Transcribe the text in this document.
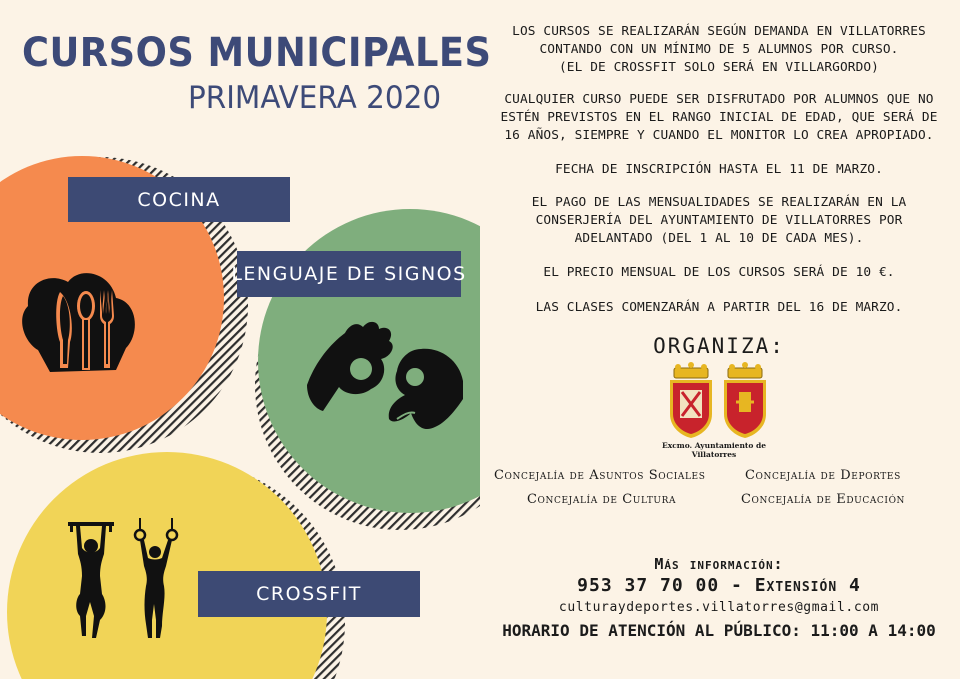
CURSOS MUNICIPALES
PRIMAVERA 2020
COCINA
LENGUAJE DE SIGNOS
CROSSFIT
LOS CURSOS SE REALIZARÁN SEGÚN DEMANDA EN VILLATORRES
CONTANDO CON UN MÍNIMO DE 5 ALUMNOS POR CURSO.
(EL DE CROSSFIT SOLO SERÁ EN VILLARGORDO)
CUALQUIER CURSO PUEDE SER DISFRUTADO POR ALUMNOS QUE NO
ESTÉN PREVISTOS EN EL RANGO INICIAL DE EDAD, QUE SERÁ DE
16 AÑOS, SIEMPRE Y CUANDO EL MONITOR LO CREA APROPIADO.
FECHA DE INSCRIPCIÓN HASTA EL 11 DE MARZO.
EL PAGO DE LAS MENSUALIDADES SE REALIZARÁN EN LA
CONSERJERÍA DEL AYUNTAMIENTO DE VILLATORRES POR
ADELANTADO (DEL 1 AL 10 DE CADA MES).
EL PRECIO MENSUAL DE LOS CURSOS SERÁ DE 10 €.
LAS CLASES COMENZARÁN A PARTIR DEL 16 DE MARZO.
ORGANIZA:
Excmo. Ayuntamiento de Villatorres
Concejalía de Asuntos Sociales	Concejalía de Deportes
Concejalía de Cultura	Concejalía de Educación
Más información:
953 37 70 00 - Extensión 4
culturaydeportes.villatorres@gmail.com
HORARIO DE ATENCIÓN AL PÚBLICO: 11:00 A 14:00
